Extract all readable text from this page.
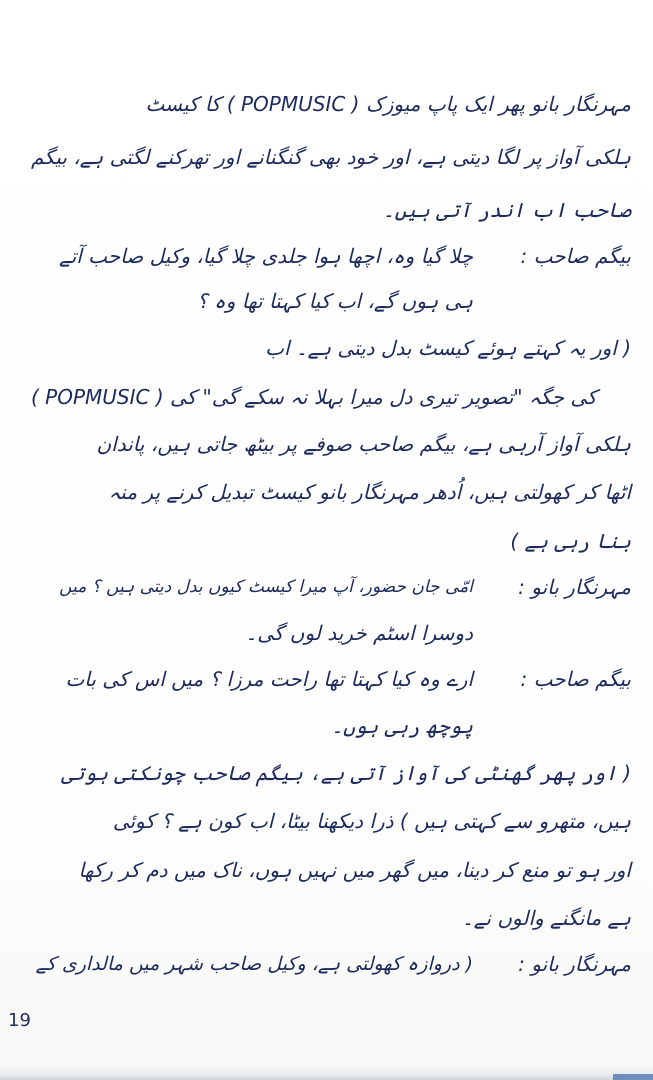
مہرنگار بانو پھر ایک پاپ میوزک ( POPMUSIC ) کا کیسٹ
ہلکی آواز پر لگا دیتی ہے، اور خود بھی گنگنانے اور تھرکنے لگتی ہے، بیگم
صاحب اب اندر آتی ہیں۔
بیگم صاحب :
چلا گیا وہ، اچھا ہوا جلدی چلا گیا، وکیل صاحب آتے
ہی ہوں گے، اب کیا کہتا تھا وہ ؟
( اور یہ کہتے ہوئے کیسٹ بدل دیتی ہے۔ اب
( POPMUSIC ) کی جگہ "تصویر تیری دل میرا بہلا نہ سکے گی" کی
ہلکی آواز آرہی ہے، بیگم صاحب صوفے پر بیٹھ جاتی ہیں، پاندان
اٹھا کر کھولتی ہیں، اُدھر مہرنگار بانو کیسٹ تبدیل کرنے پر منہ
بنا رہی ہے )
مہرنگار بانو :
امّی جان حضور، آپ میرا کیسٹ کیوں بدل دیتی ہیں ؟ میں
دوسرا اسٹم خرید لوں گی۔
بیگم صاحب :
ارے وہ کیا کہتا تھا راحت مرزا ؟ میں اس کی بات
پوچھ رہی ہوں۔
( اور پھر گھنٹی کی آواز آتی ہے، بیگم صاحب چونکتی ہوتی
ہیں، متھرو سے کہتی ہیں ) ذرا دیکھنا بیٹا، اب کون ہے ؟ کوئی
اور ہو تو منع کر دینا، میں گھر میں نہیں ہوں، ناک میں دم کر رکھا
ہے مانگنے والوں نے۔
مہرنگار بانو :
( دروازہ کھولتی ہے، وکیل صاحب شہر میں مالداری کے
19
